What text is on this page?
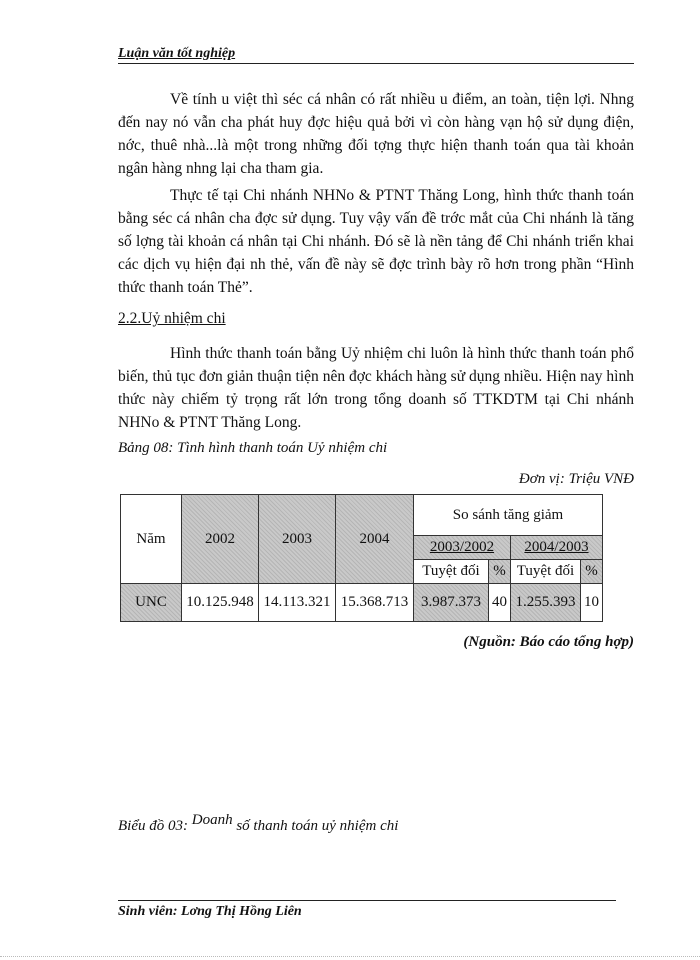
Luận văn tốt nghiệp

Về tính u việt thì séc cá nhân có rất nhiều u điểm, an toàn, tiện lợi. Nhng đến nay nó vẫn cha phát huy đợc hiệu quả bởi vì còn hàng vạn hộ sử dụng điện, nớc, thuê nhà...là một trong những đối tợng thực hiện thanh toán qua tài khoản ngân hàng nhng lại cha tham gia.

Thực tế tại Chi nhánh NHNo & PTNT Thăng Long, hình thức thanh toán bằng séc cá nhân cha đợc sử dụng. Tuy vậy vấn đề trớc mắt của Chi nhánh là tăng số lợng tài khoản cá nhân tại Chi nhánh. Đó sẽ là nền tảng để Chi nhánh triển khai các dịch vụ hiện đại nh thẻ, vấn đề này sẽ đợc trình bày rõ hơn trong phần “Hình thức thanh toán Thẻ”.

2.2.Uỷ nhiệm chi

Hình thức thanh toán bằng Uỷ nhiệm chi luôn là hình thức thanh toán phổ biến, thủ tục đơn giản thuận tiện nên đợc khách hàng sử dụng nhiều. Hiện nay hình thức này chiếm tỷ trọng rất lớn trong tổng doanh số TTKDTM tại Chi nhánh NHNo & PTNT Thăng Long.

Bảng 08: Tình hình thanh toán Uỷ nhiệm chi
Đơn vị: Triệu VNĐ
Năm	2002	2003	2004	So sánh tăng giảm			
				2003/2002		2004/2003	
				Tuyệt đối	%	Tuyệt đối	%
UNC	10.125.948	14.113.321	15.368.713	3.987.373	40	1.255.393	10
(Nguồn: Báo cáo tổng hợp)
Biểu đồ 03: Doanh số thanh toán uỷ nhiệm chi
Sinh viên: Lơng Thị Hồng Liên
